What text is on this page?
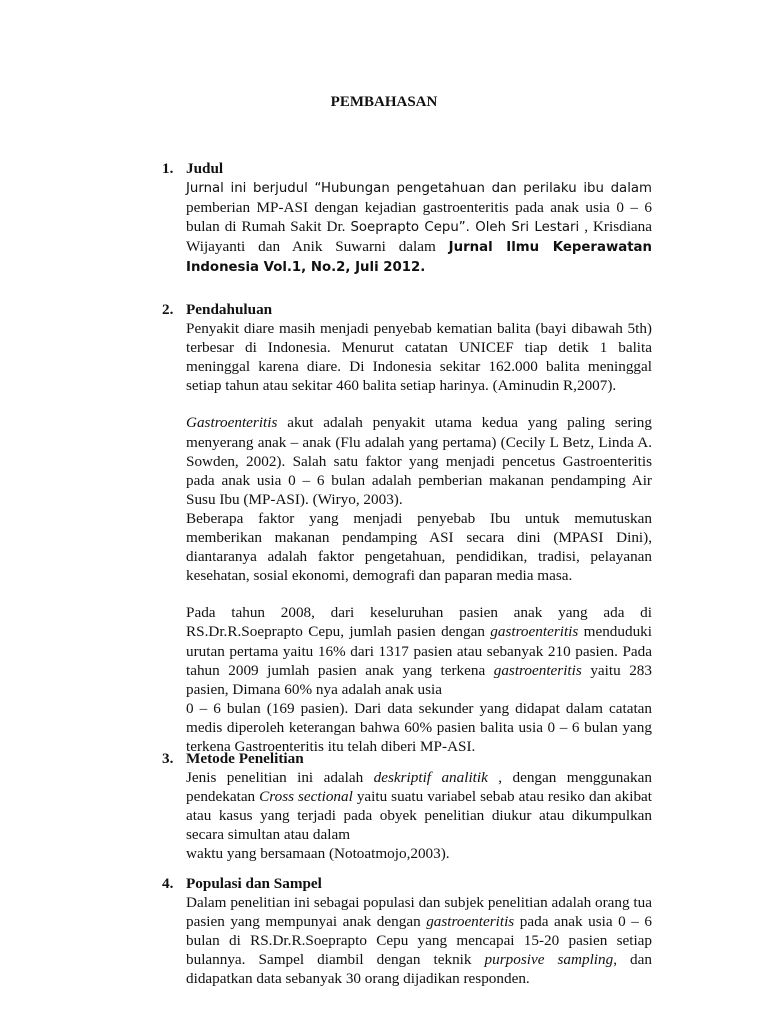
PEMBAHASAN
1. Judul

Jurnal ini berjudul “Hubungan pengetahuan dan perilaku ibu dalam pemberian MP-ASI dengan kejadian gastroenteritis pada anak usia 0 – 6 bulan di Rumah Sakit Dr. Soeprapto Cepu”. Oleh Sri Lestari , Krisdiana Wijayanti dan Anik Suwarni dalam Jurnal Ilmu Keperawatan Indonesia Vol.1, No.2, Juli 2012.

2. Pendahuluan

Penyakit diare masih menjadi penyebab kematian balita (bayi dibawah 5th) terbesar di Indonesia. Menurut catatan UNICEF tiap detik 1 balita meninggal karena diare. Di Indonesia sekitar 162.000 balita meninggal setiap tahun atau sekitar 460 balita setiap harinya. (Aminudin R,2007).

Gastroenteritis akut adalah penyakit utama kedua yang paling sering menyerang anak – anak (Flu adalah yang pertama) (Cecily L Betz, Linda A. Sowden, 2002). Salah satu faktor yang menjadi pencetus Gastroenteritis pada anak usia 0 – 6 bulan adalah pemberian makanan pendamping Air Susu Ibu (MP-ASI). (Wiryo, 2003).

Beberapa faktor yang menjadi penyebab Ibu untuk memutuskan memberikan makanan pendamping ASI secara dini (MPASI Dini), diantaranya adalah faktor pengetahuan, pendidikan, tradisi, pelayanan kesehatan, sosial ekonomi, demografi dan paparan media masa.

Pada tahun 2008, dari keseluruhan pasien anak yang ada di RS.Dr.R.Soeprapto Cepu, jumlah pasien dengan gastroenteritis menduduki urutan pertama yaitu 16% dari 1317 pasien atau sebanyak 210 pasien. Pada tahun 2009 jumlah pasien anak yang terkena gastroenteritis yaitu 283 pasien, Dimana 60% nya adalah anak usia

0 – 6 bulan (169 pasien). Dari data sekunder yang didapat dalam catatan medis diperoleh keterangan bahwa 60% pasien balita usia 0 – 6 bulan yang terkena Gastroenteritis itu telah diberi MP-ASI.

3. Metode Penelitian

Jenis penelitian ini adalah deskriptif analitik , dengan menggunakan pendekatan Cross sectional yaitu suatu variabel sebab atau resiko dan akibat atau kasus yang terjadi pada obyek penelitian diukur atau dikumpulkan secara simultan atau dalam

waktu yang bersamaan (Notoatmojo,2003).

4. Populasi dan Sampel

Dalam penelitian ini sebagai populasi dan subjek penelitian adalah orang tua pasien yang mempunyai anak dengan gastroenteritis pada anak usia 0 – 6 bulan di RS.Dr.R.Soeprapto Cepu yang mencapai 15-20 pasien setiap bulannya. Sampel diambil dengan teknik purposive sampling, dan didapatkan data sebanyak 30 orang dijadikan responden.
